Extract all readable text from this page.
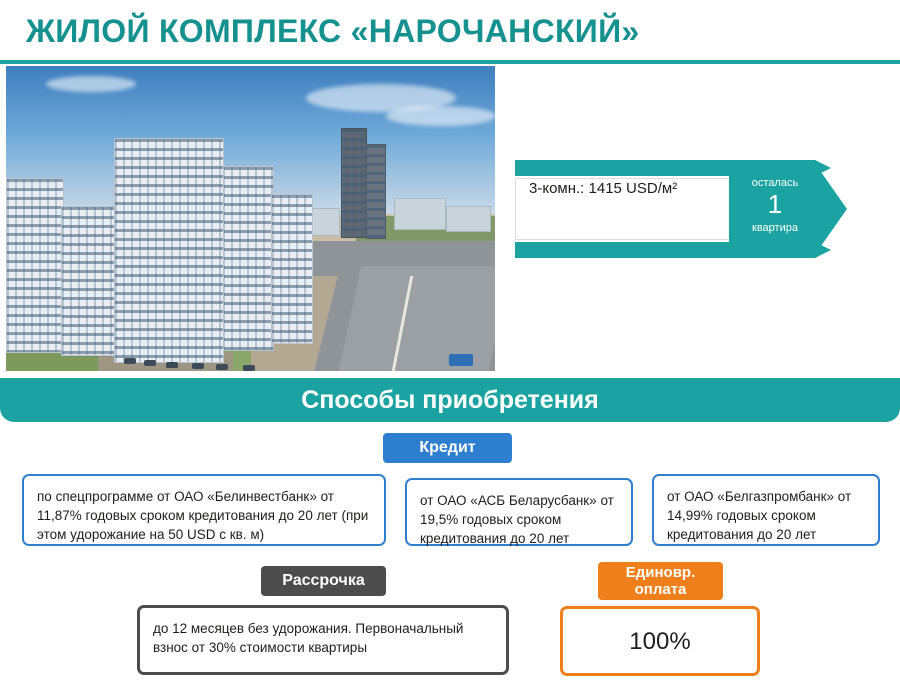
ЖИЛОЙ КОМПЛЕКС «НАРОЧАНСКИЙ»
3-комн.: 1415 USD/м²	осталась
1
квартира
Способы приобретения
Кредит

по спецпрограмме от ОАО «Белинвестбанк» от 11,87% годовых сроком кредитования до 20 лет (при этом удорожание на 50 USD с кв. м)

от ОАО «АСБ Беларусбанк» от 19,5% годовых сроком кредитования до 20 лет

от ОАО «Белгазпромбанк» от 14,99% годовых сроком кредитования до 20 лет

Рассрочка

до 12 месяцев без удорожания. Первоначальный взнос от 30% стоимости квартиры

Единовр.
оплата
100%
